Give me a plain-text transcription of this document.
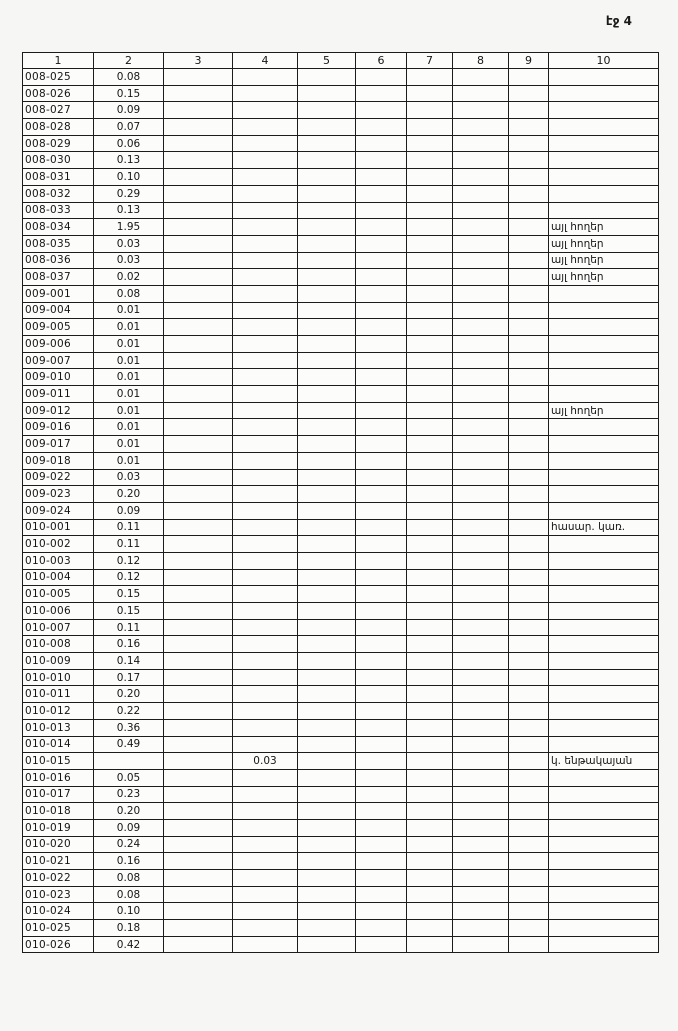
էջ 4
1	2	3	4	5	6	7	8	9	10
008-025	0.08								
008-026	0.15								
008-027	0.09								
008-028	0.07								
008-029	0.06								
008-030	0.13								
008-031	0.10								
008-032	0.29								
008-033	0.13								
008-034	1.95								այլ հողեր
008-035	0.03								այլ հողեր
008-036	0.03								այլ հողեր
008-037	0.02								այլ հողեր
009-001	0.08								
009-004	0.01								
009-005	0.01								
009-006	0.01								
009-007	0.01								
009-010	0.01								
009-011	0.01								
009-012	0.01								այլ հողեր
009-016	0.01								
009-017	0.01								
009-018	0.01								
009-022	0.03								
009-023	0.20								
009-024	0.09								
010-001	0.11								հասար. կառ.
010-002	0.11								
010-003	0.12								
010-004	0.12								
010-005	0.15								
010-006	0.15								
010-007	0.11								
010-008	0.16								
010-009	0.14								
010-010	0.17								
010-011	0.20								
010-012	0.22								
010-013	0.36								
010-014	0.49								
010-015			0.03						կ. ենթակայան
010-016	0.05								
010-017	0.23								
010-018	0.20								
010-019	0.09								
010-020	0.24								
010-021	0.16								
010-022	0.08								
010-023	0.08								
010-024	0.10								
010-025	0.18								
010-026	0.42								
